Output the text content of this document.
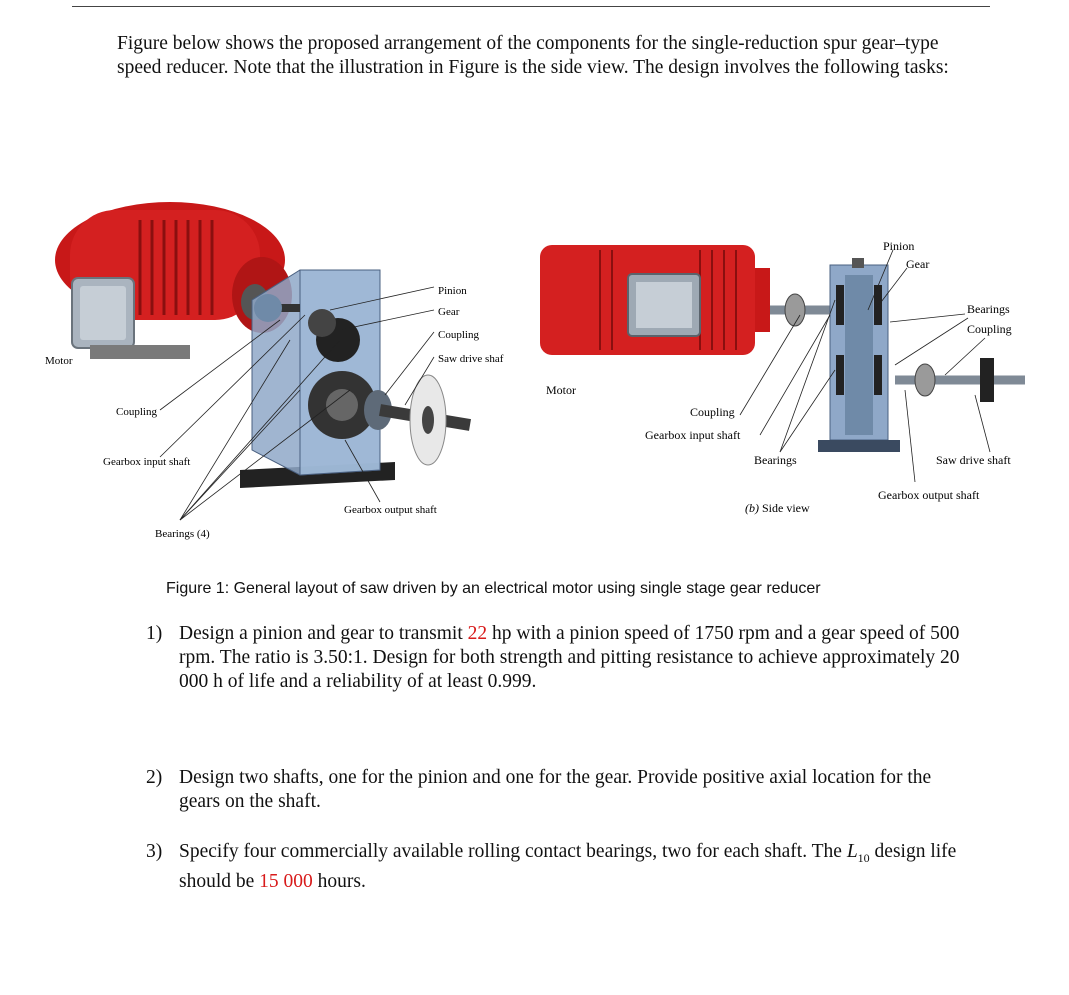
Figure below shows the proposed arrangement of the components for the single-reduction spur gear–type speed reducer. Note that the illustration in Figure is the side view. The design involves the following tasks:

Motor
Pinion
Gear
Coupling
Saw drive shaf
Coupling
Gearbox input shaft
Gearbox output shaft
Bearings (4)
Pinion
Gear
Bearings
Coupling
Motor
Coupling
Gearbox input shaft
Bearings	Saw drive shaft
Gearbox output shaft
(b) Side view

Figure 1: General layout of saw driven by an electrical motor using single stage gear reducer

1) Design a pinion and gear to transmit 22 hp with a pinion speed of 1750 rpm and a gear speed of 500 rpm. The ratio is 3.50:1. Design for both strength and pitting resistance to achieve approximately 20 000 h of life and a reliability of at least 0.999.
2) Design two shafts, one for the pinion and one for the gear. Provide positive axial location for the gears on the shaft.
3) Specify four commercially available rolling contact bearings, two for each shaft. The $L_{10}$ design life should be 15 000 hours.
